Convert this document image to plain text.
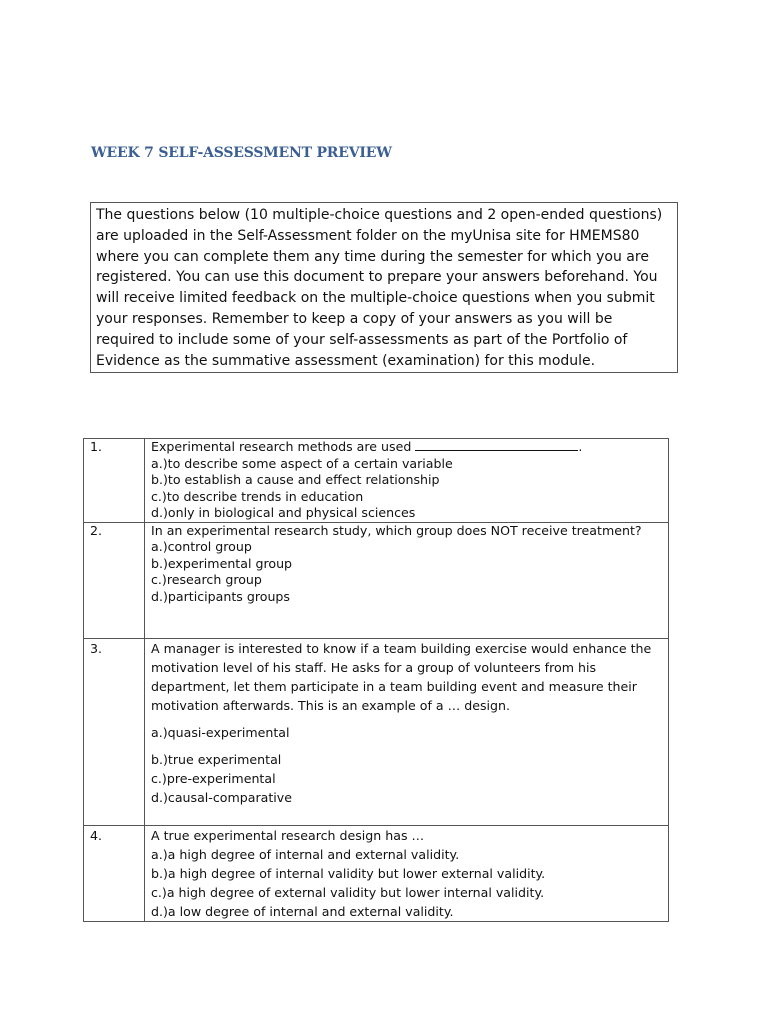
WEEK 7 SELF-ASSESSMENT PREVIEW
The questions below (10 multiple-choice questions and 2 open-ended questions) are uploaded in the Self-Assessment folder on the myUnisa site for HMEMS80 where you can complete them any time during the semester for which you are registered. You can use this document to prepare your answers beforehand. You will receive limited feedback on the multiple-choice questions when you submit your responses. Remember to keep a copy of your answers as you will be required to include some of your self-assessments as part of the Portfolio of Evidence as the summative assessment (examination) for this module.
1.	Experimental research methods are used .
a.)to describe some aspect of a certain variable
b.)to establish a cause and effect relationship
c.)to describe trends in education
d.)only in biological and physical sciences

2.	In an experimental research study, which group does NOT receive treatment?
a.)control group
b.)experimental group
c.)research group
d.)participants groups

3.	A manager is interested to know if a team building exercise would enhance the motivation level of his staff. He asks for a group of volunteers from his department, let them participate in a team building event and measure their motivation afterwards. This is an example of a … design.
a.)quasi-experimental
b.)true experimental
c.)pre-experimental
d.)causal-comparative

4.	A true experimental research design has …
a.)a high degree of internal and external validity.
b.)a high degree of internal validity but lower external validity.
c.)a high degree of external validity but lower internal validity.
d.)a low degree of internal and external validity.
